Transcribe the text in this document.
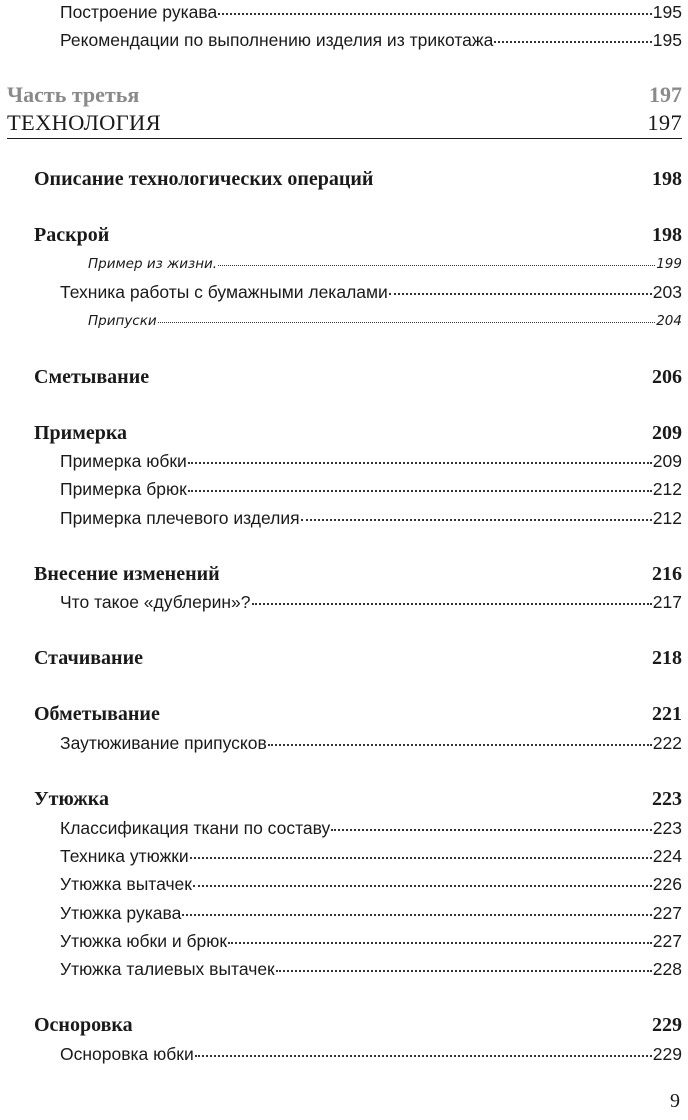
Построение рукава	195
Рекомендации по выполнению изделия из трикотажа	195
Часть третья	197
ТЕХНОЛОГИЯ	197
Описание технологических операций	198
Раскрой	198
Пример из жизни.	199
Техника работы с бумажными лекалами	203
Припуски	204
Сметывание	206
Примерка	209
Примерка юбки	209
Примерка брюк	212
Примерка плечевого изделия	212
Внесение изменений	216
Что такое «дублерин»?	217
Стачивание	218
Обметывание	221
Заутюживание припусков	222
Утюжка	223
Классификация ткани по составу	223
Техника утюжки	224
Утюжка вытачек	226
Утюжка рукава	227
Утюжка юбки и брюк	227
Утюжка талиевых вытачек	228
Осноровка	229
Осноровка юбки	229
9
